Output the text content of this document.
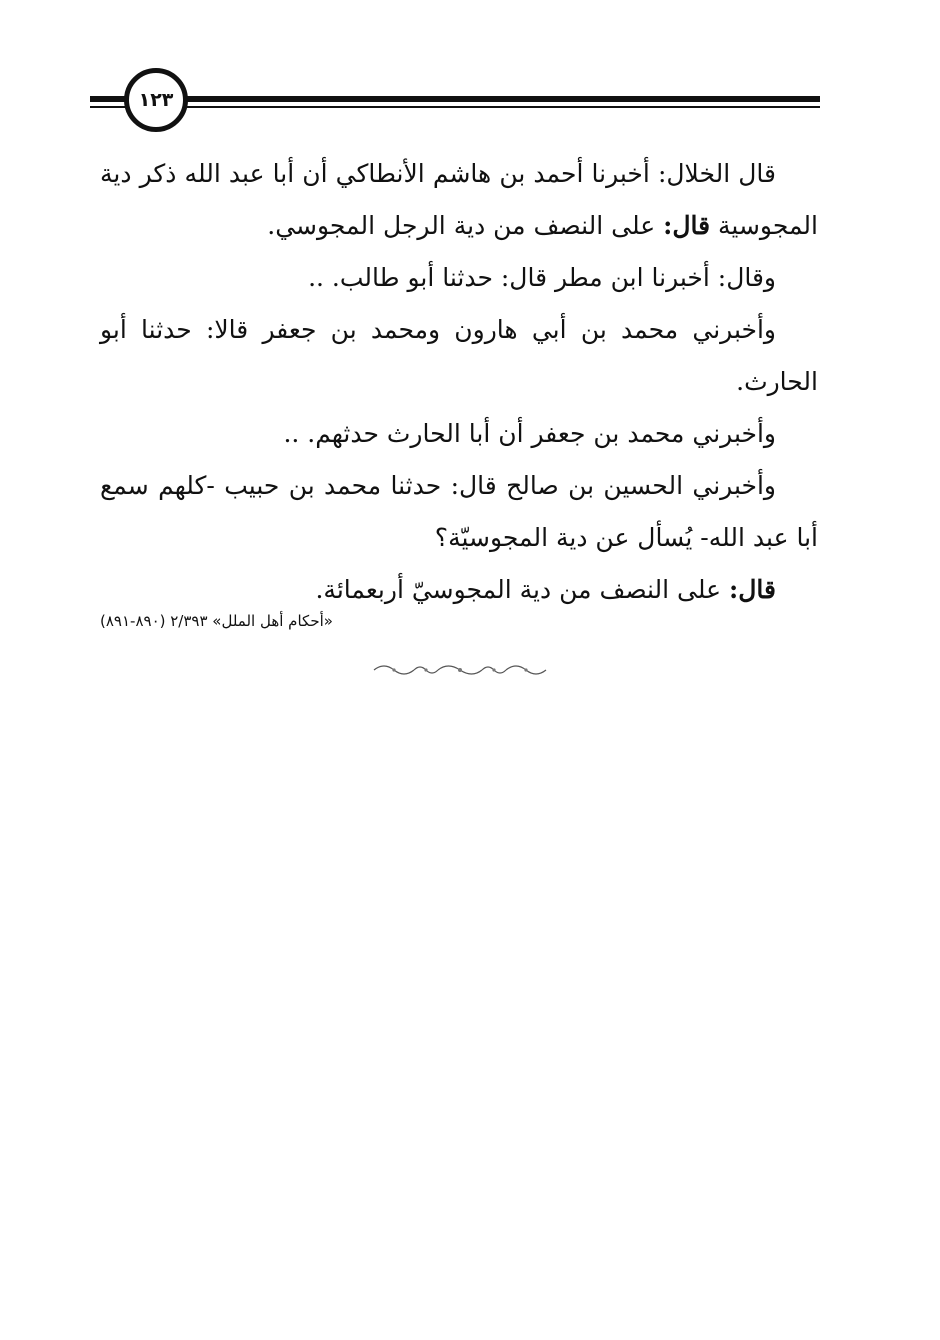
١٢٣

قال الخلال: أخبرنا أحمد بن هاشم الأنطاكي أن أبا عبد الله ذكر دية المجوسية قال: على النصف من دية الرجل المجوسي.

وقال: أخبرنا ابن مطر قال: حدثنا أبو طالب. ..

وأخبرني محمد بن أبي هارون ومحمد بن جعفر قالا: حدثنا أبو الحارث.

وأخبرني محمد بن جعفر أن أبا الحارث حدثهم. ..

وأخبرني الحسين بن صالح قال: حدثنا محمد بن حبيب -كلهم سمع أبا عبد الله- يُسأل عن دية المجوسيّة؟

قال: على النصف من دية المجوسيّ أربعمائة.

«أحكام أهل الملل» ٢/٣٩٣ (٨٩٠-٨٩١)
